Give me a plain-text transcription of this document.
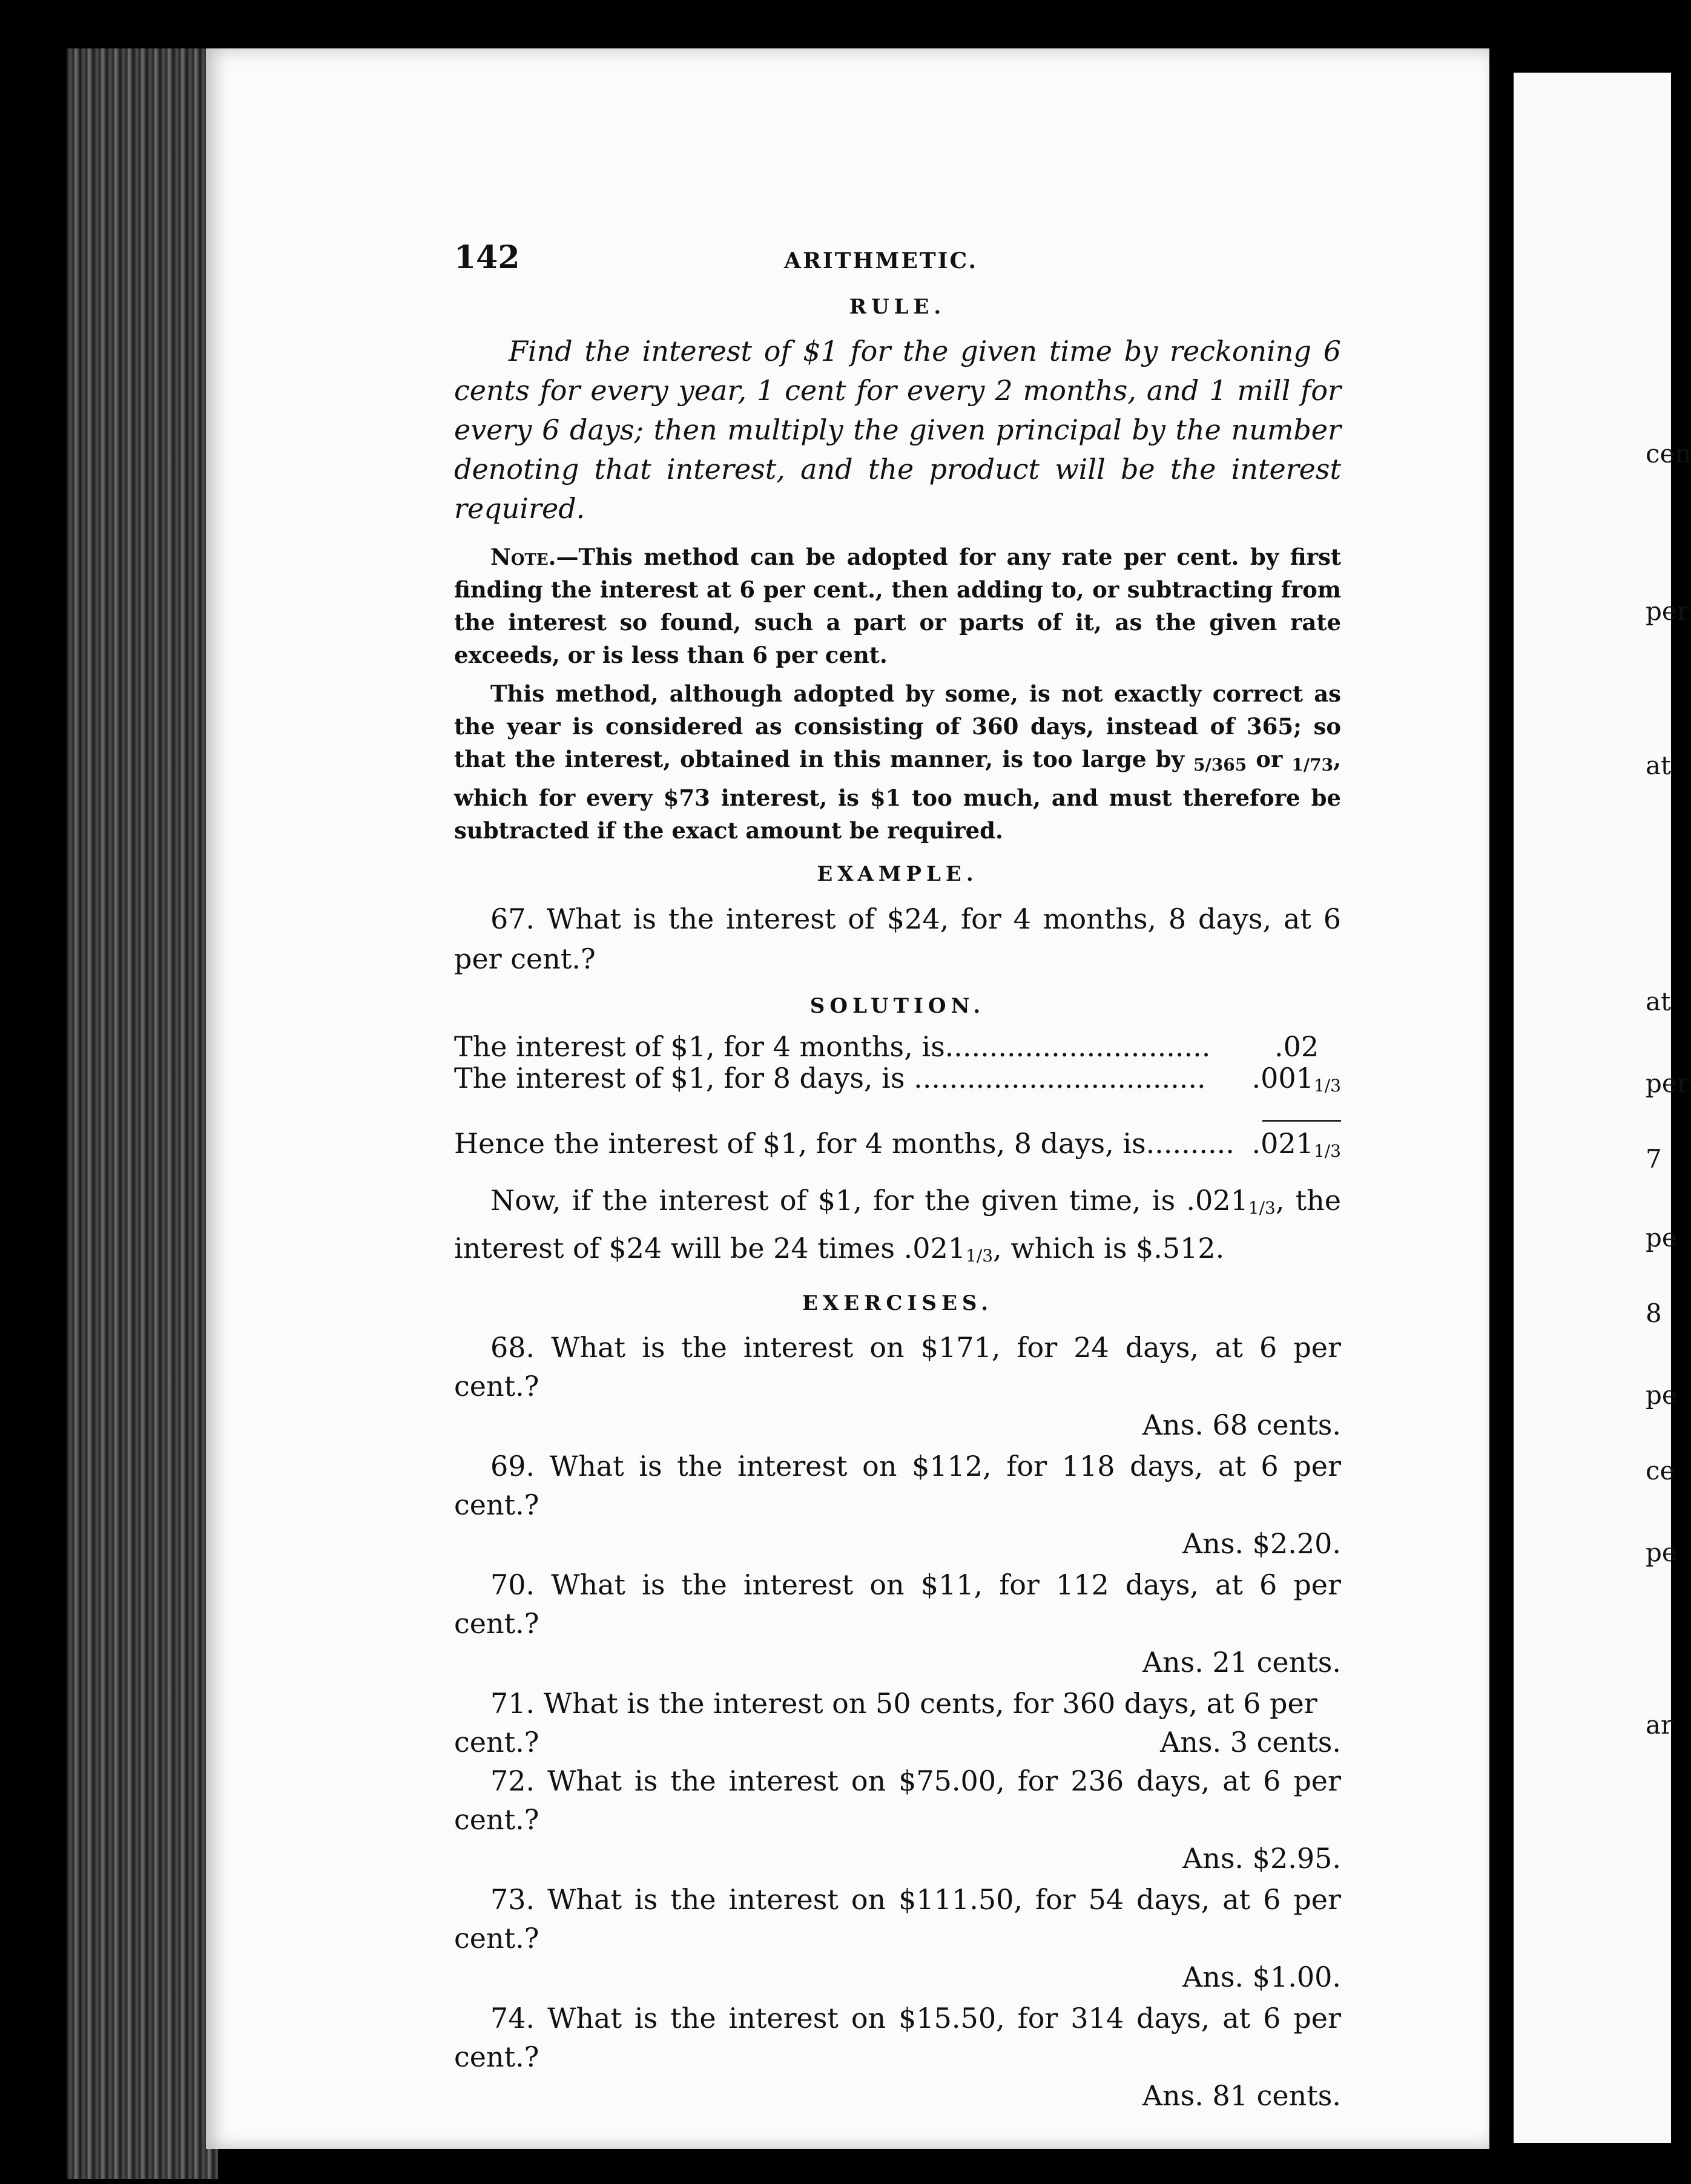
cen
per
at
at
per
7
pe
8
pe
ce
pe
ar
142	ARITHMETIC.
RULE.

Find the interest of $1 for the given time by reckoning 6 cents for every year, 1 cent for every 2 months, and 1 mill for every 6 days; then multiply the given principal by the number denoting that interest, and the product will be the interest required.

Note.—This method can be adopted for any rate per cent. by first finding the interest at 6 per cent., then adding to, or subtracting from the interest so found, such a part or parts of it, as the given rate exceeds, or is less than 6 per cent.

This method, although adopted by some, is not exactly correct as the year is considered as consisting of 360 days, instead of 365; so that the interest, obtained in this manner, is too large by 5/365 or 1/73, which for every $73 interest, is $1 too much, and must therefore be subtracted if the exact amount be required.

EXAMPLE.

67. What is the interest of $24, for 4 months, 8 days, at 6 per cent.?

SOLUTION.
The interest of $1, for 4 months, is..............................	.02
The interest of $1, for 8 days, is .................................	.0011/3
Hence the interest of $1, for 4 months, 8 days, is.......... .0211/3

Now, if the interest of $1, for the given time, is .0211/3, the interest of $24 will be 24 times .0211/3, which is $.512.

EXERCISES.

68. What is the interest on $171, for 24 days, at 6 per cent.?

Ans. 68 cents.

69. What is the interest on $112, for 118 days, at 6 per cent.?

Ans. $2.20.

70. What is the interest on $11, for 112 days, at 6 per cent.?

Ans. 21 cents.

71. What is the interest on 50 cents, for 360 days, at 6 per

cent.?	Ans. 3 cents.

72. What is the interest on $75.00, for 236 days, at 6 per cent.?

Ans. $2.95.

73. What is the interest on $111.50, for 54 days, at 6 per cent.?

Ans. $1.00.

74. What is the interest on $15.50, for 314 days, at 6 per cent.?

Ans. 81 cents.
